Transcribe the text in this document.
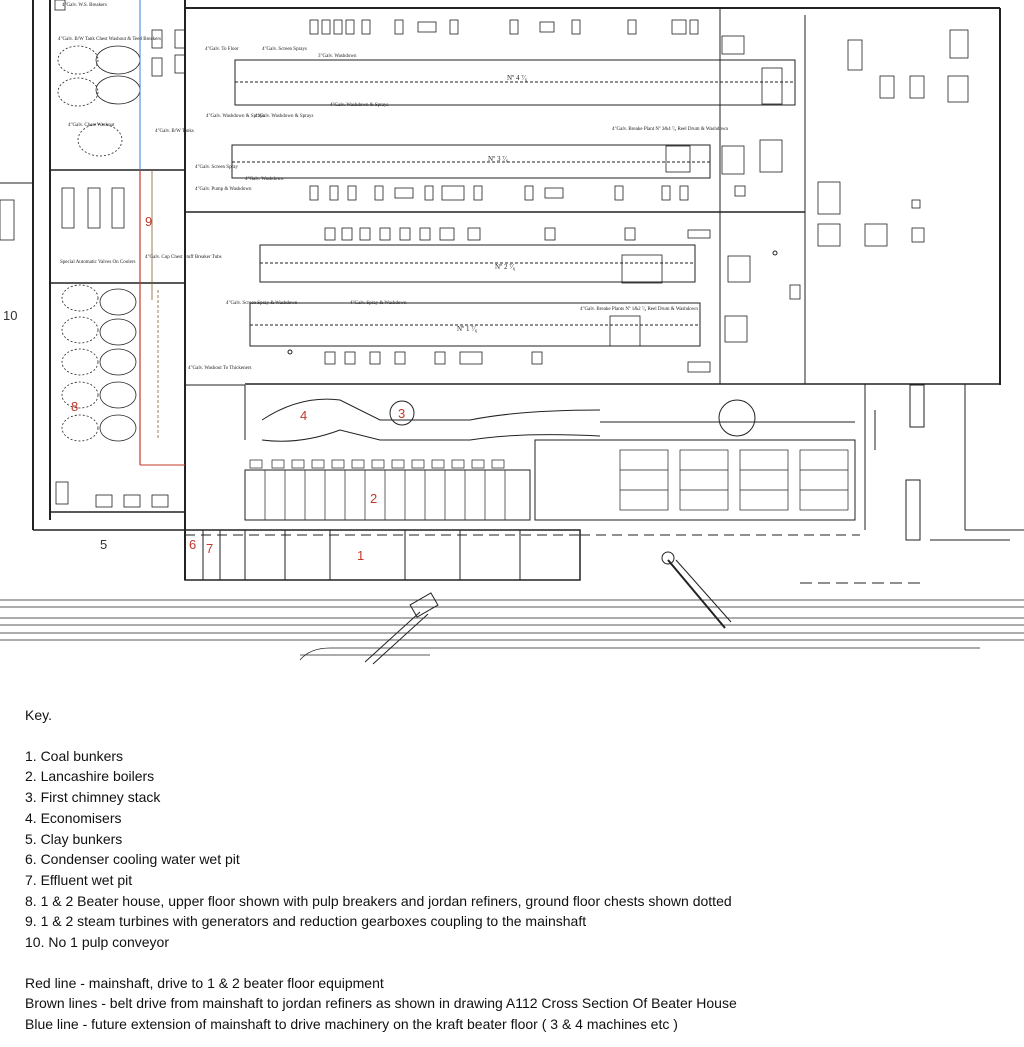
Nº 4 ⁷⁄₆
Nº 3 ⁷⁄₆
Nº 2 ⁷⁄₆
Nº 1 ⁷⁄₆
4"Galv. W.S. Breakers
4"Galv. B/W Tank Chest Washout & Teed Breakers
4"Galv. Chest Washout
4"Galv. B/W Tanks
Special Automatic Valves On Coolers
4"Galv. To Floor	4"Galv. Screen Sprays
3"Galv. Washdown
4"Galv. Washdown & Sprays
4"Galv. Washdown & Sprays
4"Galv. Washdown & Sprays
4"Galv. Screen Spray
4"Galv. Washdown
4"Galv. Pump & Washdown
4"Galv. Breake Plant Nº 3&4 ⁷⁄₆ Reel Drum & Washdown
4"Galv. Screen Spray & Washdown	4"Galv. Spray & Washdown
4"Galv. Breake Plants Nº 1&2 ⁷⁄₆ Reel Drum & Washdown
4"Galv. Washout To Thickeners
4"Galv. Cup Chest Stuff Breaker Tubs
1
2
3
4
5	6 7
8
9
10
Key.
1. Coal bunkers
2. Lancashire boilers
3. First chimney stack
4. Economisers
5. Clay bunkers
6. Condenser cooling water wet pit
7. Effluent wet pit
8. 1 & 2 Beater house, upper floor shown with pulp breakers and jordan refiners, ground floor chests shown dotted
9. 1 & 2 steam turbines with generators and reduction gearboxes coupling to the mainshaft
10. No 1 pulp conveyor
Red line - mainshaft, drive to 1 & 2 beater floor equipment
Brown lines - belt drive from mainshaft to jordan refiners as shown in drawing A112 Cross Section Of Beater House
Blue line - future extension of mainshaft to drive machinery on the kraft beater floor ( 3 & 4 machines etc )
